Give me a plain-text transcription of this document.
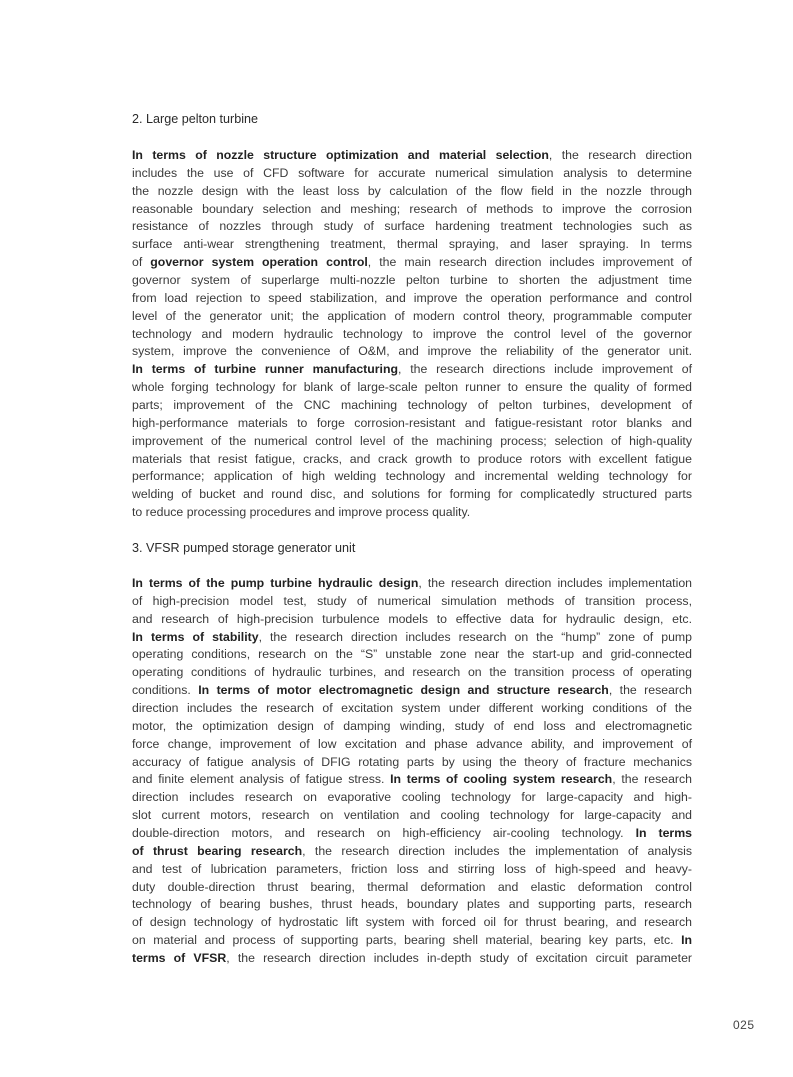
2. Large pelton turbine
In terms of nozzle structure optimization and material selection, the research direction
includes the use of CFD software for accurate numerical simulation analysis to determine
the nozzle design with the least loss by calculation of the flow field in the nozzle through
reasonable boundary selection and meshing; research of methods to improve the corrosion
resistance of nozzles through study of surface hardening treatment technologies such as
surface anti-wear strengthening treatment, thermal spraying, and laser spraying. In terms
of governor system operation control, the main research direction includes improvement of
governor system of superlarge multi-nozzle pelton turbine to shorten the adjustment time
from load rejection to speed stabilization, and improve the operation performance and control
level of the generator unit; the application of modern control theory, programmable computer
technology and modern hydraulic technology to improve the control level of the governor
system, improve the convenience of O&M, and improve the reliability of the generator unit.
In terms of turbine runner manufacturing, the research directions include improvement of
whole forging technology for blank of large-scale pelton runner to ensure the quality of formed
parts; improvement of the CNC machining technology of pelton turbines, development of
high-performance materials to forge corrosion-resistant and fatigue-resistant rotor blanks and
improvement of the numerical control level of the machining process; selection of high-quality
materials that resist fatigue, cracks, and crack growth to produce rotors with excellent fatigue
performance; application of high welding technology and incremental welding technology for
welding of bucket and round disc, and solutions for forming for complicatedly structured parts
to reduce processing procedures and improve process quality.
3. VFSR pumped storage generator unit
In terms of the pump turbine hydraulic design, the research direction includes implementation
of high-precision model test, study of numerical simulation methods of transition process,
and research of high-precision turbulence models to effective data for hydraulic design, etc.
In terms of stability, the research direction includes research on the “hump” zone of pump
operating conditions, research on the “S” unstable zone near the start-up and grid-connected
operating conditions of hydraulic turbines, and research on the transition process of operating
conditions. In terms of motor electromagnetic design and structure research, the research
direction includes the research of excitation system under different working conditions of the
motor, the optimization design of damping winding, study of end loss and electromagnetic
force change, improvement of low excitation and phase advance ability, and improvement of
accuracy of fatigue analysis of DFIG rotating parts by using the theory of fracture mechanics
and finite element analysis of fatigue stress. In terms of cooling system research, the research
direction includes research on evaporative cooling technology for large-capacity and high-
slot current motors, research on ventilation and cooling technology for large-capacity and
double-direction motors, and research on high-efficiency air-cooling technology. In terms
of thrust bearing research, the research direction includes the implementation of analysis
and test of lubrication parameters, friction loss and stirring loss of high-speed and heavy-
duty double-direction thrust bearing, thermal deformation and elastic deformation control
technology of bearing bushes, thrust heads, boundary plates and supporting parts, research
of design technology of hydrostatic lift system with forced oil for thrust bearing, and research
on material and process of supporting parts, bearing shell material, bearing key parts, etc. In
terms of VFSR, the research direction includes in-depth study of excitation circuit parameter
025
